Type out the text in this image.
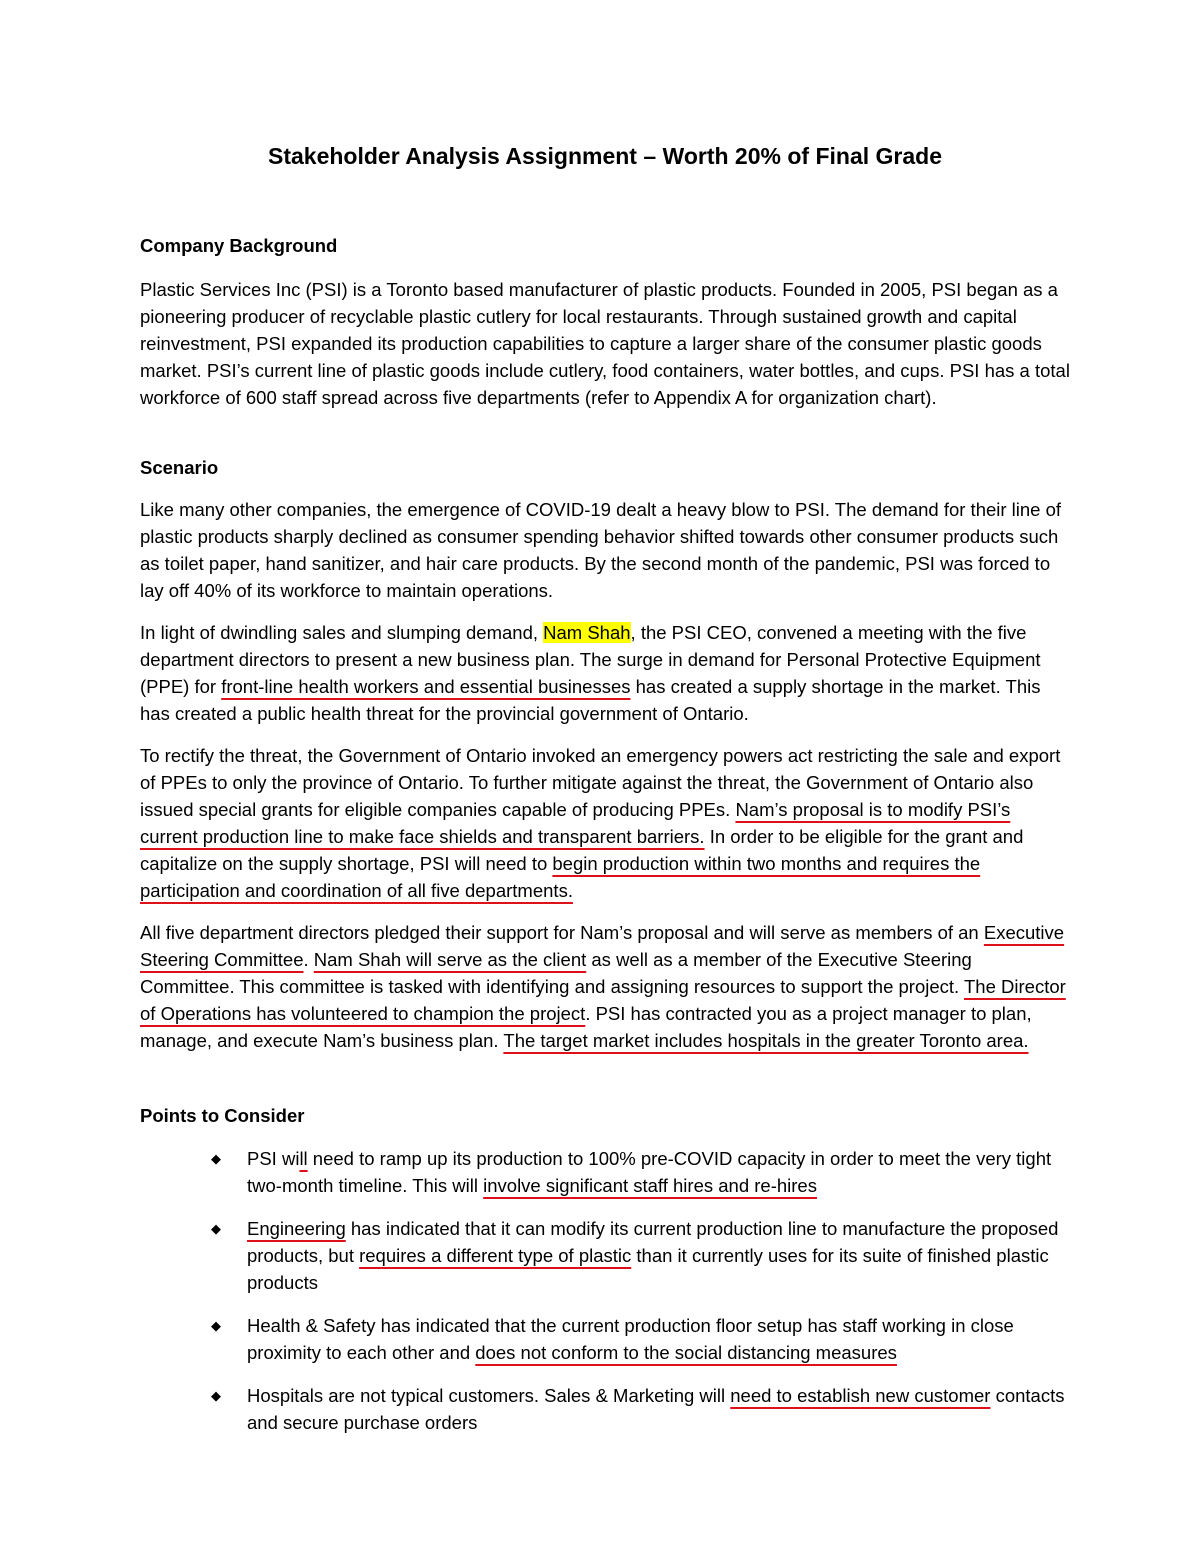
Stakeholder Analysis Assignment – Worth 20% of Final Grade

Company Background

Plastic Services Inc (PSI) is a Toronto based manufacturer of plastic products. Founded in 2005, PSI began as a pioneering producer of recyclable plastic cutlery for local restaurants. Through sustained growth and capital reinvestment, PSI expanded its production capabilities to capture a larger share of the consumer plastic goods market. PSI’s current line of plastic goods include cutlery, food containers, water bottles, and cups. PSI has a total workforce of 600 staff spread across five departments (refer to Appendix A for organization chart).

Scenario

Like many other companies, the emergence of COVID-19 dealt a heavy blow to PSI. The demand for their line of plastic products sharply declined as consumer spending behavior shifted towards other consumer products such as toilet paper, hand sanitizer, and hair care products. By the second month of the pandemic, PSI was forced to lay off 40% of its workforce to maintain operations.

In light of dwindling sales and slumping demand, Nam Shah, the PSI CEO, convened a meeting with the five department directors to present a new business plan. The surge in demand for Personal Protective Equipment (PPE) for front-line health workers and essential businesses has created a supply shortage in the market. This has created a public health threat for the provincial government of Ontario.

To rectify the threat, the Government of Ontario invoked an emergency powers act restricting the sale and export of PPEs to only the province of Ontario. To further mitigate against the threat, the Government of Ontario also issued special grants for eligible companies capable of producing PPEs. Nam’s proposal is to modify PSI’s current production line to make face shields and transparent barriers. In order to be eligible for the grant and capitalize on the supply shortage, PSI will need to begin production within two months and requires the participation and coordination of all five departments.

All five department directors pledged their support for Nam’s proposal and will serve as members of an Executive Steering Committee. Nam Shah will serve as the client as well as a member of the Executive Steering Committee. This committee is tasked with identifying and assigning resources to support the project. The Director of Operations has volunteered to champion the project. PSI has contracted you as a project manager to plan, manage, and execute Nam’s business plan. The target market includes hospitals in the greater Toronto area.

Points to Consider

◆ PSI will need to ramp up its production to 100% pre-COVID capacity in order to meet the very tight two-month timeline. This will involve significant staff hires and re-hires
◆ Engineering has indicated that it can modify its current production line to manufacture the proposed products, but requires a different type of plastic than it currently uses for its suite of finished plastic products
◆ Health & Safety has indicated that the current production floor setup has staff working in close proximity to each other and does not conform to the social distancing measures
◆ Hospitals are not typical customers. Sales & Marketing will need to establish new customer contacts and secure purchase orders
